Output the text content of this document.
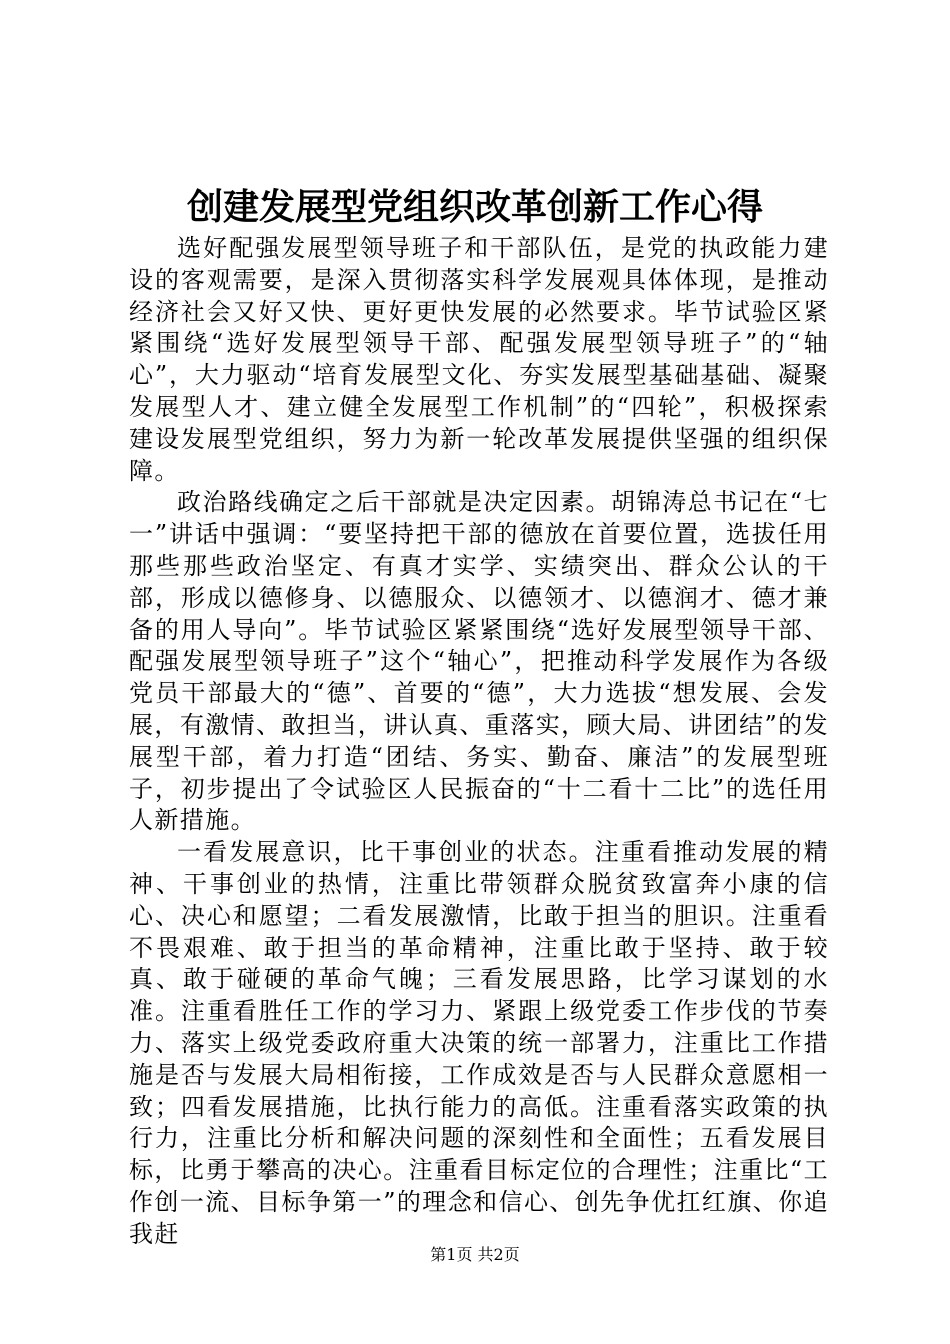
创建发展型党组织改革创新工作心得

选好配强发展型领导班子和干部队伍，是党的执政能力建设的客观需要，是深入贯彻落实科学发展观具体体现，是推动经济社会又好又快、更好更快发展的必然要求。毕节试验区紧紧围绕“选好发展型领导干部、配强发展型领导班子”的“轴心”，大力驱动“培育发展型文化、夯实发展型基础基础、凝聚发展型人才、建立健全发展型工作机制”的“四轮”，积极探索建设发展型党组织，努力为新一轮改革发展提供坚强的组织保障。

政治路线确定之后干部就是决定因素。胡锦涛总书记在“七一”讲话中强调：“要坚持把干部的德放在首要位置，选拔任用那些那些政治坚定、有真才实学、实绩突出、群众公认的干部，形成以德修身、以德服众、以德领才、以德润才、德才兼备的用人导向”。毕节试验区紧紧围绕“选好发展型领导干部、配强发展型领导班子”这个“轴心”，把推动科学发展作为各级党员干部最大的“德”、首要的“德”，大力选拔“想发展、会发展，有激情、敢担当，讲认真、重落实，顾大局、讲团结”的发展型干部，着力打造“团结、务实、勤奋、廉洁”的发展型班子，初步提出了令试验区人民振奋的“十二看十二比”的选任用人新措施。

一看发展意识，比干事创业的状态。注重看推动发展的精神、干事创业的热情，注重比带领群众脱贫致富奔小康的信心、决心和愿望；二看发展激情，比敢于担当的胆识。注重看不畏艰难、敢于担当的革命精神，注重比敢于坚持、敢于较真、敢于碰硬的革命气魄；三看发展思路，比学习谋划的水准。注重看胜任工作的学习力、紧跟上级党委工作步伐的节奏力、落实上级党委政府重大决策的统一部署力，注重比工作措施是否与发展大局相衔接，工作成效是否与人民群众意愿相一致；四看发展措施，比执行能力的高低。注重看落实政策的执行力，注重比分析和解决问题的深刻性和全面性；五看发展目标，比勇于攀高的决心。注重看目标定位的合理性；注重比“工作创一流、目标争第一”的理念和信心、创先争优扛红旗、你追我赶

第1页 共2页
